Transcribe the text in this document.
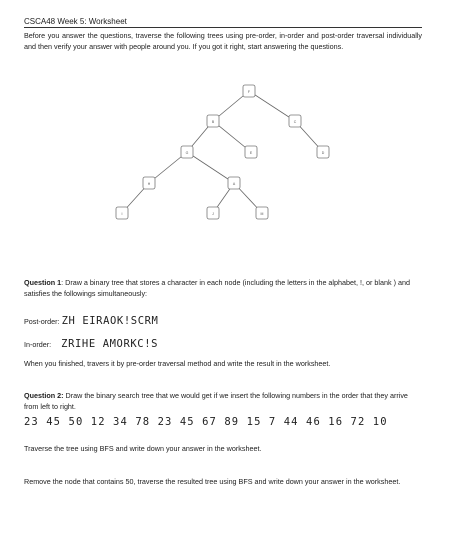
CSCA48 Week 5: Worksheet
Before you answer the questions, traverse the following trees using pre-order, in-order and post-order traversal individually and then verify your answer with people around you. If you got it right, start answering the questions.
F
B	C
G	E	D
H	A
I	J	M
Question 1: Draw a binary tree that stores a character in each node (including the letters in the alphabet, !, or blank ) and satisfies the followings simultaneously:
Post-order: ZH EIRAOK!SCRM
In-order: ZRIHE AMORKC!S
When you finished, travers it by pre-order traversal method and write the result in the worksheet.
Question 2: Draw the binary search tree that we would get if we insert the following numbers in the order that they arrive from left to right.
23 45 50 12 34 78 23 45 67 89 15 7 44 46 16 72 10
Traverse the tree using BFS and write down your answer in the worksheet.
Remove the node that contains 50, traverse the resulted tree using BFS and write down your answer in the worksheet.
